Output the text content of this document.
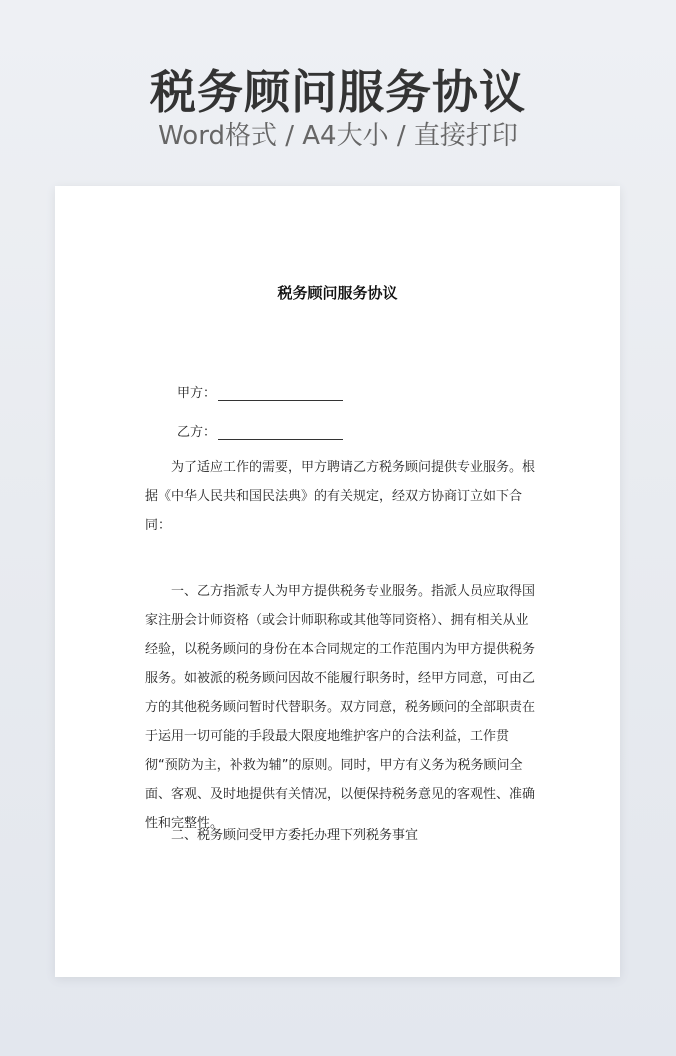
税务顾问服务协议
Word格式 / A4大小 / 直接打印
税务顾问服务协议
甲方：
乙方：

为了适应工作的需要，甲方聘请乙方税务顾问提供专业服务。根据《中华人民共和国民法典》的有关规定，经双方协商订立如下合同：

一、乙方指派专人为甲方提供税务专业服务。指派人员应取得国家注册会计师资格（或会计师职称或其他等同资格）、拥有相关从业经验，以税务顾问的身份在本合同规定的工作范围内为甲方提供税务服务。如被派的税务顾问因故不能履行职务时，经甲方同意，可由乙方的其他税务顾问暂时代替职务。双方同意，税务顾问的全部职责在于运用一切可能的手段最大限度地维护客户的合法利益，工作贯彻“预防为主，补救为辅”的原则。同时，甲方有义务为税务顾问全面、客观、及时地提供有关情况，以便保持税务意见的客观性、准确性和完整性。

二、税务顾问受甲方委托办理下列税务事宜
